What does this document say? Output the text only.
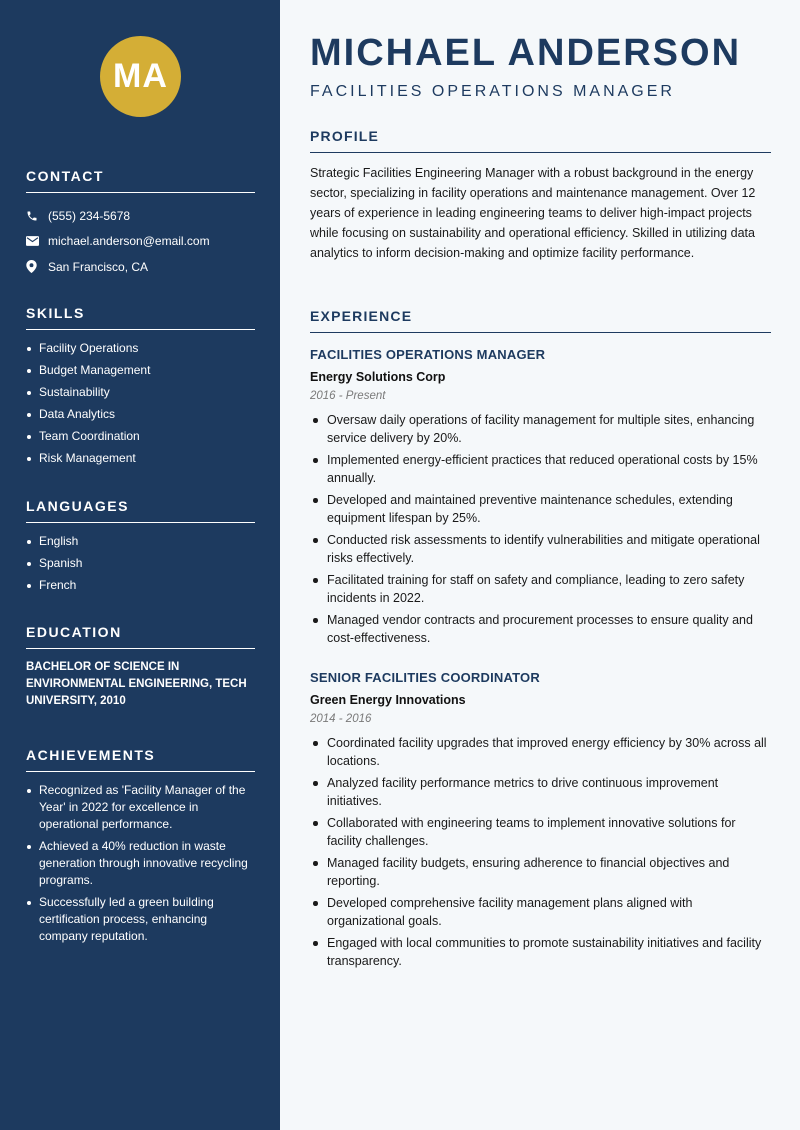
MA
CONTACT
(555) 234-5678
michael.anderson@email.com
San Francisco, CA
SKILLS
Facility Operations
Budget Management
Sustainability
Data Analytics
Team Coordination
Risk Management
LANGUAGES
English
Spanish
French
EDUCATION
BACHELOR OF SCIENCE IN ENVIRONMENTAL ENGINEERING, TECH UNIVERSITY, 2010
ACHIEVEMENTS
Recognized as 'Facility Manager of the Year' in 2022 for excellence in operational performance.
Achieved a 40% reduction in waste generation through innovative recycling programs.
Successfully led a green building certification process, enhancing company reputation.
MICHAEL ANDERSON
FACILITIES OPERATIONS MANAGER
PROFILE

Strategic Facilities Engineering Manager with a robust background in the energy sector, specializing in facility operations and maintenance management. Over 12 years of experience in leading engineering teams to deliver high-impact projects while focusing on sustainability and operational efficiency. Skilled in utilizing data analytics to inform decision-making and optimize facility performance.

EXPERIENCE
FACILITIES OPERATIONS MANAGER
Energy Solutions Corp
2016 - Present
Oversaw daily operations of facility management for multiple sites, enhancing service delivery by 20%.
Implemented energy-efficient practices that reduced operational costs by 15% annually.
Developed and maintained preventive maintenance schedules, extending equipment lifespan by 25%.
Conducted risk assessments to identify vulnerabilities and mitigate operational risks effectively.
Facilitated training for staff on safety and compliance, leading to zero safety incidents in 2022.
Managed vendor contracts and procurement processes to ensure quality and cost-effectiveness.
SENIOR FACILITIES COORDINATOR
Green Energy Innovations
2014 - 2016
Coordinated facility upgrades that improved energy efficiency by 30% across all locations.
Analyzed facility performance metrics to drive continuous improvement initiatives.
Collaborated with engineering teams to implement innovative solutions for facility challenges.
Managed facility budgets, ensuring adherence to financial objectives and reporting.
Developed comprehensive facility management plans aligned with organizational goals.
Engaged with local communities to promote sustainability initiatives and facility transparency.
